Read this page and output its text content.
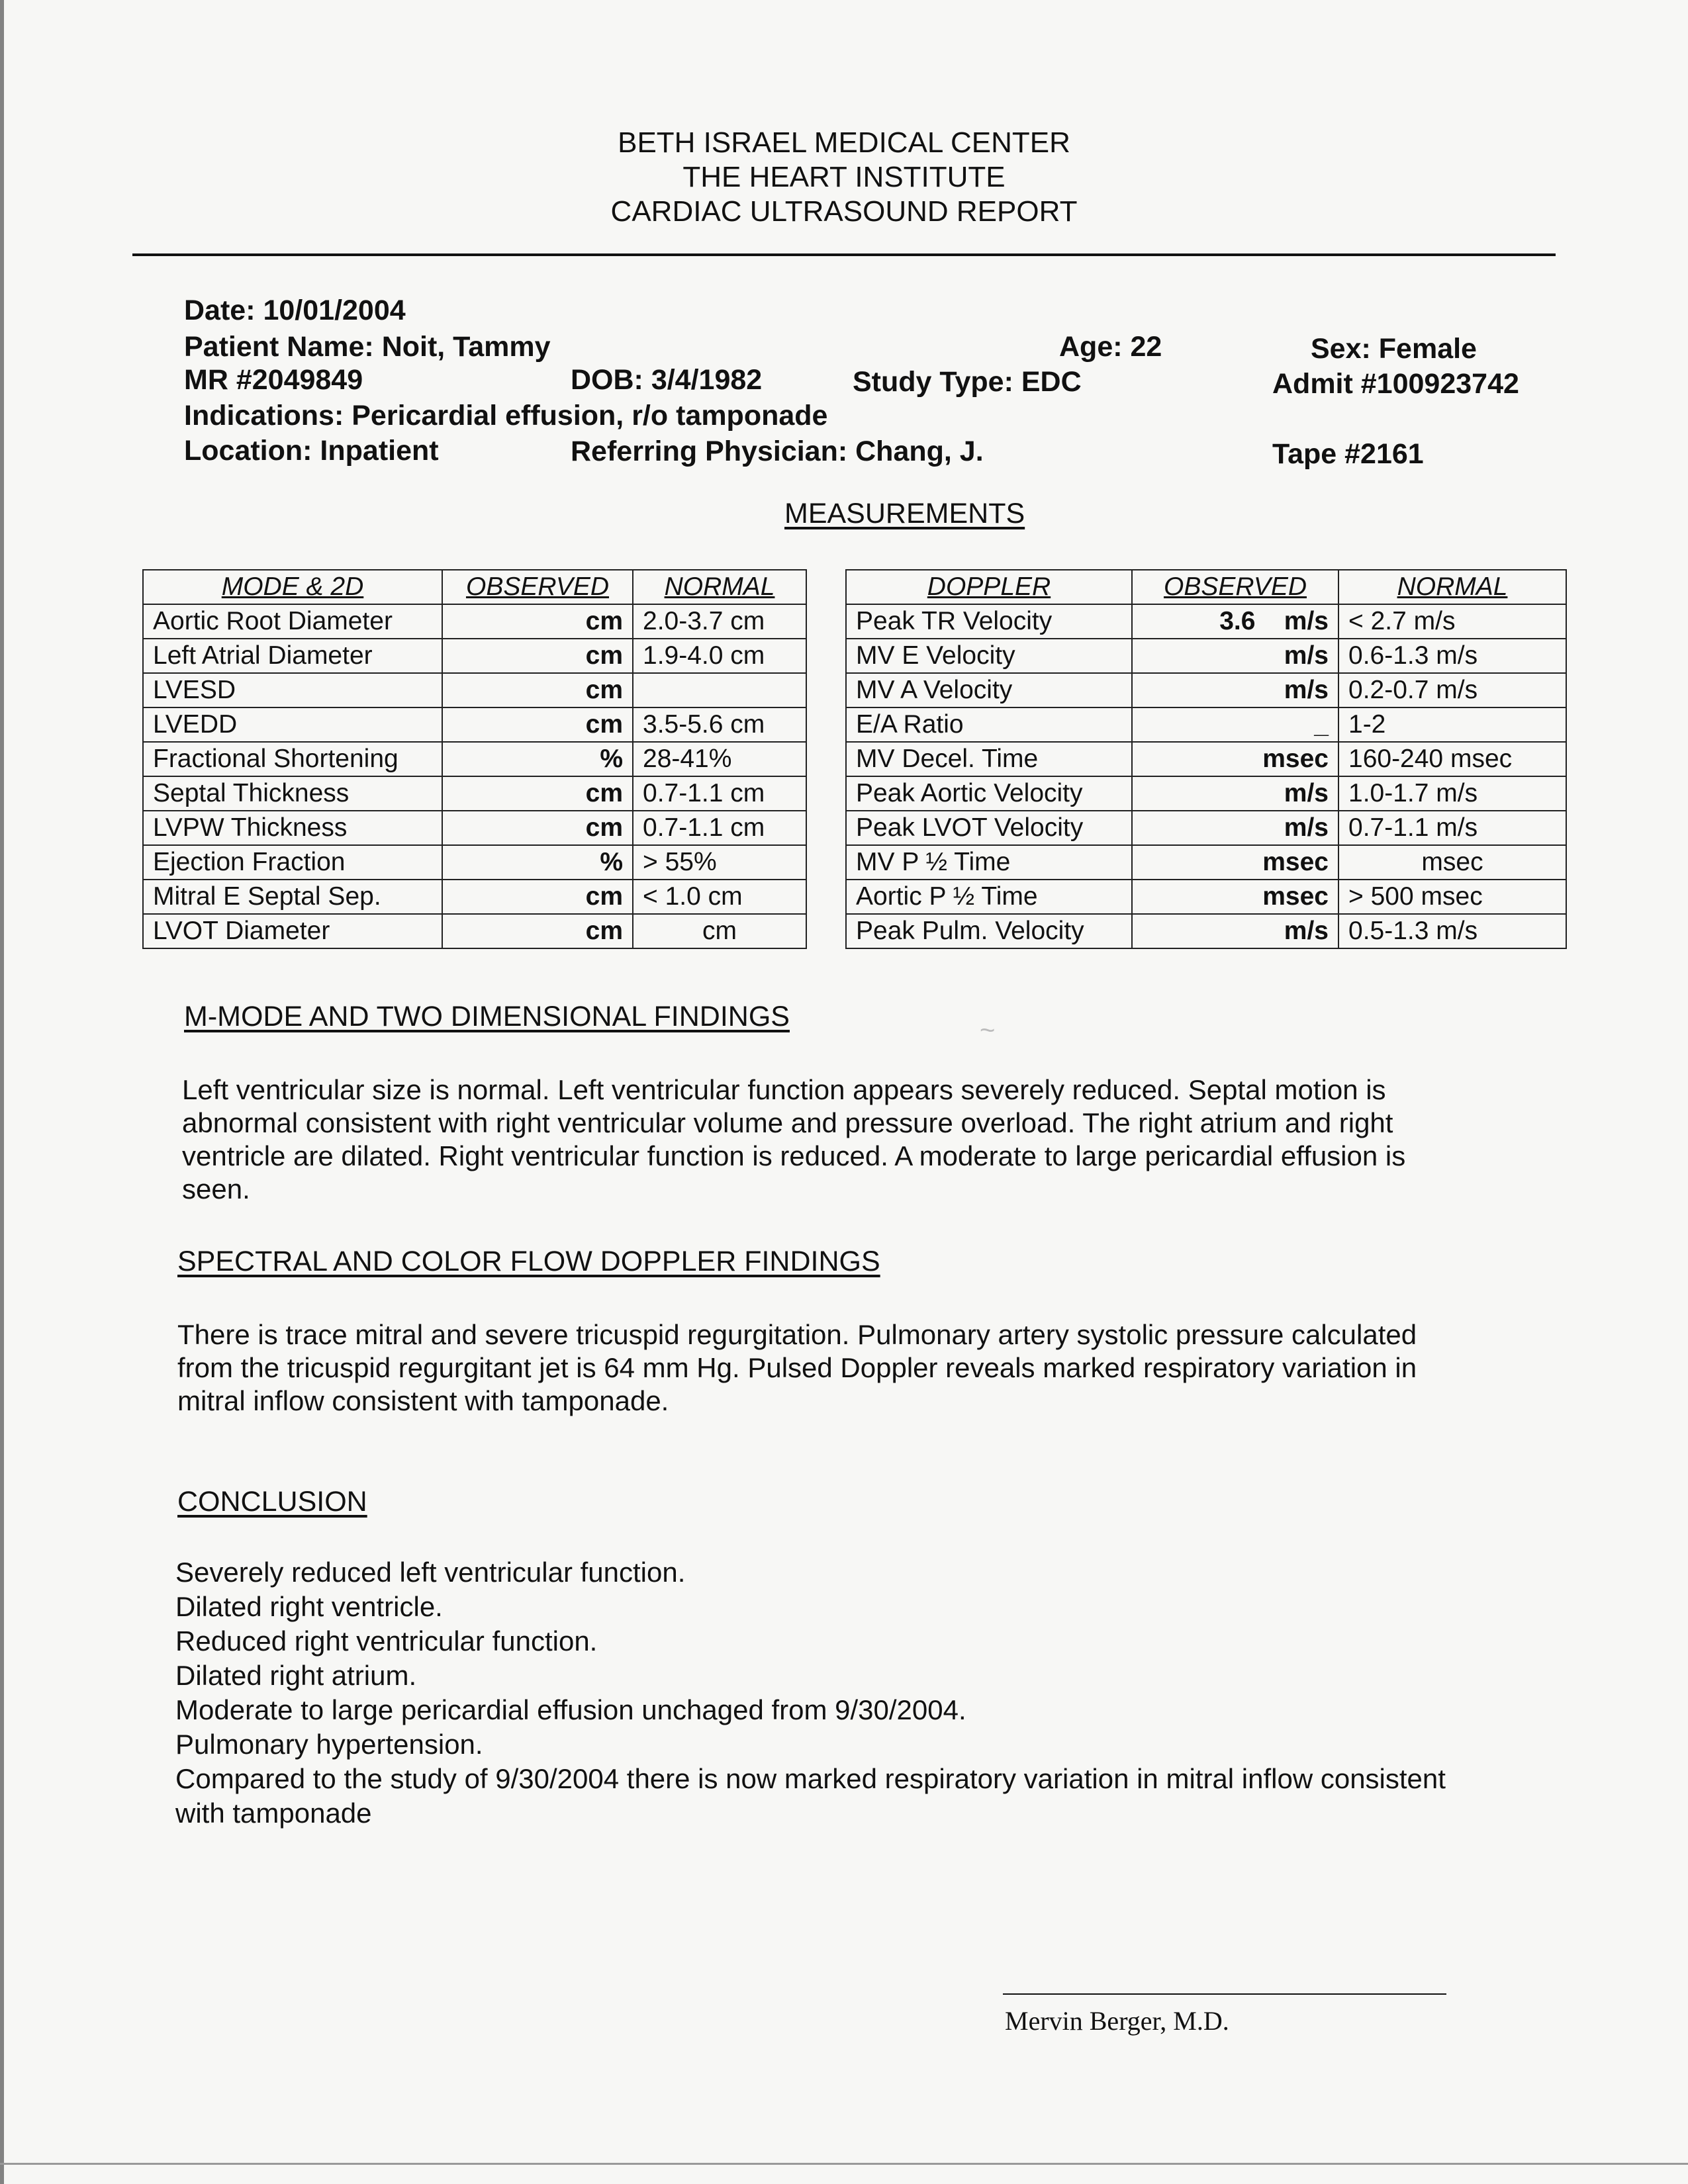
BETH ISRAEL MEDICAL CENTER
THE HEART INSTITUTE
CARDIAC ULTRASOUND REPORT
Date: 10/01/2004
Patient Name: Noit, Tammy	Age: 22	Sex: Female
MR #2049849	DOB: 3/4/1982	Study Type: EDC	Admit #100923742
Indications: Pericardial effusion, r/o tamponade
Location: Inpatient	Referring Physician: Chang, J.	Tape #2161
MEASUREMENTS
MODE & 2D	OBSERVED	NORMAL		DOPPLER	OBSERVED	NORMAL
Aortic Root Diameter	cm	2.0-3.7 cm		Peak TR Velocity	3.6    m/s	< 2.7 m/s
Left Atrial Diameter	cm	1.9-4.0 cm		MV E Velocity	m/s	0.6-1.3 m/s
LVESD	cm			MV A Velocity	m/s	0.2-0.7 m/s
LVEDD	cm	3.5-5.6 cm		E/A Ratio	_	1-2
Fractional Shortening	%	28-41%		MV Decel. Time	msec	160-240 msec
Septal Thickness	cm	0.7-1.1 cm		Peak Aortic Velocity	m/s	1.0-1.7 m/s
LVPW Thickness	cm	0.7-1.1 cm		Peak LVOT Velocity	m/s	0.7-1.1 m/s
Ejection Fraction	%	> 55%		MV P ½ Time	msec	msec
Mitral E Septal Sep.	cm	< 1.0 cm		Aortic P ½ Time	msec	> 500 msec
LVOT Diameter	cm	cm		Peak Pulm. Velocity	m/s	0.5-1.3 m/s
M-MODE AND TWO DIMENSIONAL FINDINGS	~
Left ventricular size is normal. Left ventricular function appears severely reduced. Septal motion is
abnormal consistent with right ventricular volume and pressure overload. The right atrium and right
ventricle are dilated. Right ventricular function is reduced. A moderate to large pericardial effusion is
seen.
SPECTRAL AND COLOR FLOW DOPPLER FINDINGS
There is trace mitral and severe tricuspid regurgitation. Pulmonary artery systolic pressure calculated
from the tricuspid regurgitant jet is 64 mm Hg. Pulsed Doppler reveals marked respiratory variation in
mitral inflow consistent with tamponade.
CONCLUSION
Severely reduced left ventricular function.
Dilated right ventricle.
Reduced right ventricular function.
Dilated right atrium.
Moderate to large pericardial effusion unchaged from 9/30/2004.
Pulmonary hypertension.
Compared to the study of 9/30/2004 there is now marked respiratory variation in mitral inflow consistent
with tamponade
Mervin Berger, M.D.
